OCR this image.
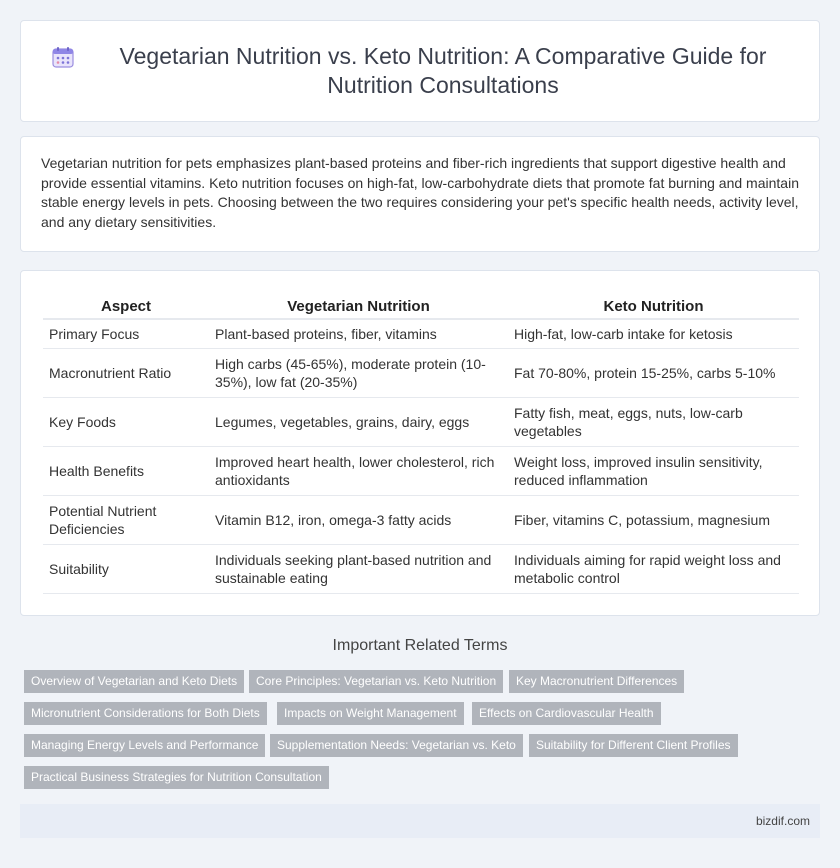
Vegetarian Nutrition vs. Keto Nutrition: A Comparative Guide for Nutrition Consultations

Vegetarian nutrition for pets emphasizes plant-based proteins and fiber-rich ingredients that support digestive health and provide essential vitamins. Keto nutrition focuses on high-fat, low-carbohydrate diets that promote fat burning and maintain stable energy levels in pets. Choosing between the two requires considering your pet's specific health needs, activity level, and any dietary sensitivities.

Aspect	Vegetarian Nutrition	Keto Nutrition
Primary Focus	Plant-based proteins, fiber, vitamins	High-fat, low-carb intake for ketosis
Macronutrient Ratio	High carbs (45-65%), moderate protein (10-35%), low fat (20-35%)	Fat 70-80%, protein 15-25%, carbs 5-10%
Key Foods	Legumes, vegetables, grains, dairy, eggs	Fatty fish, meat, eggs, nuts, low-carb vegetables
Health Benefits	Improved heart health, lower cholesterol, rich antioxidants	Weight loss, improved insulin sensitivity, reduced inflammation
Potential Nutrient Deficiencies	Vitamin B12, iron, omega-3 fatty acids	Fiber, vitamins C, potassium, magnesium
Suitability	Individuals seeking plant-based nutrition and sustainable eating	Individuals aiming for rapid weight loss and metabolic control
Important Related Terms
Overview of Vegetarian and Keto Diets	Core Principles: Vegetarian vs. Keto Nutrition	Key Macronutrient Differences
Micronutrient Considerations for Both Diets	Impacts on Weight Management	Effects on Cardiovascular Health
Managing Energy Levels and Performance	Supplementation Needs: Vegetarian vs. Keto	Suitability for Different Client Profiles
Practical Business Strategies for Nutrition Consultation
bizdif.com
